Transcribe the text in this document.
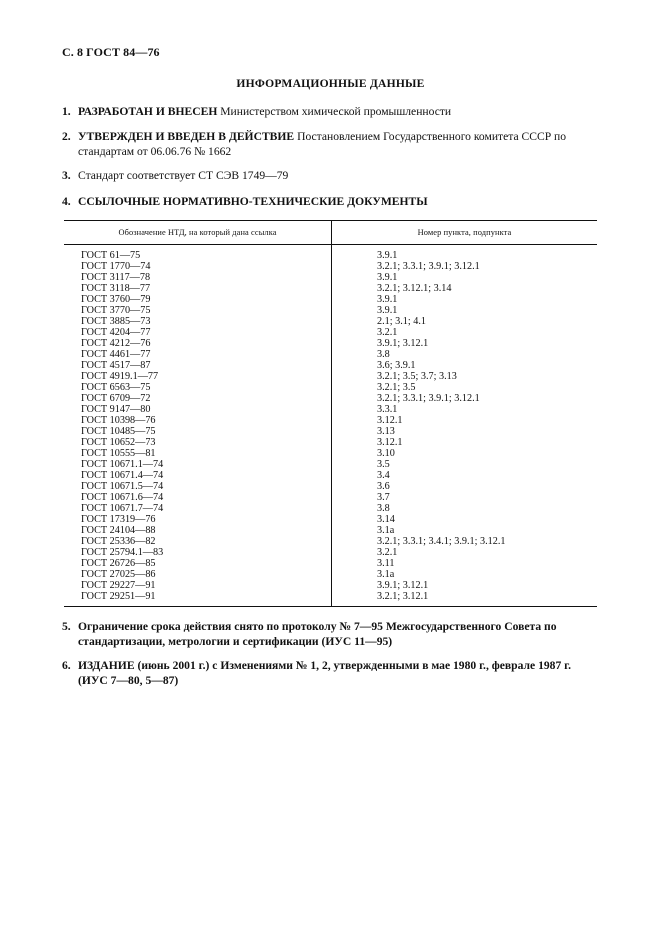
С. 8 ГОСТ 84—76
ИНФОРМАЦИОННЫЕ ДАННЫЕ
1. РАЗРАБОТАН И ВНЕСЕН Министерством химической промышленности
2. УТВЕРЖДЕН И ВВЕДЕН В ДЕЙСТВИЕ Постановлением Государственного комитета СССР по стандартам от 06.06.76 № 1662
3. Стандарт соответствует СТ СЭВ 1749—79
4. ССЫЛОЧНЫЕ НОРМАТИВНО-ТЕХНИЧЕСКИЕ ДОКУМЕНТЫ
Обозначение НТД, на который дана ссылка	Номер пункта, подпункта
ГОСТ 61—75	3.9.1
ГОСТ 1770—74	3.2.1; 3.3.1; 3.9.1; 3.12.1
ГОСТ 3117—78	3.9.1
ГОСТ 3118—77	3.2.1; 3.12.1; 3.14
ГОСТ 3760—79	3.9.1
ГОСТ 3770—75	3.9.1
ГОСТ 3885—73	2.1; 3.1; 4.1
ГОСТ 4204—77	3.2.1
ГОСТ 4212—76	3.9.1; 3.12.1
ГОСТ 4461—77	3.8
ГОСТ 4517—87	3.6; 3.9.1
ГОСТ 4919.1—77	3.2.1; 3.5; 3.7; 3.13
ГОСТ 6563—75	3.2.1; 3.5
ГОСТ 6709—72	3.2.1; 3.3.1; 3.9.1; 3.12.1
ГОСТ 9147—80	3.3.1
ГОСТ 10398—76	3.12.1
ГОСТ 10485—75	3.13
ГОСТ 10652—73	3.12.1
ГОСТ 10555—81	3.10
ГОСТ 10671.1—74	3.5
ГОСТ 10671.4—74	3.4
ГОСТ 10671.5—74	3.6
ГОСТ 10671.6—74	3.7
ГОСТ 10671.7—74	3.8
ГОСТ 17319—76	3.14
ГОСТ 24104—88	3.1а
ГОСТ 25336—82	3.2.1; 3.3.1; 3.4.1; 3.9.1; 3.12.1
ГОСТ 25794.1—83	3.2.1
ГОСТ 26726—85	3.11
ГОСТ 27025—86	3.1а
ГОСТ 29227—91	3.9.1; 3.12.1
ГОСТ 29251—91	3.2.1; 3.12.1
5. Ограничение срока действия снято по протоколу № 7—95 Межгосударственного Совета по стандартизации, метрологии и сертификации (ИУС 11—95)
6. ИЗДАНИЕ (июнь 2001 г.) с Изменениями № 1, 2, утвержденными в мае 1980 г., феврале 1987 г. (ИУС 7—80, 5—87)
